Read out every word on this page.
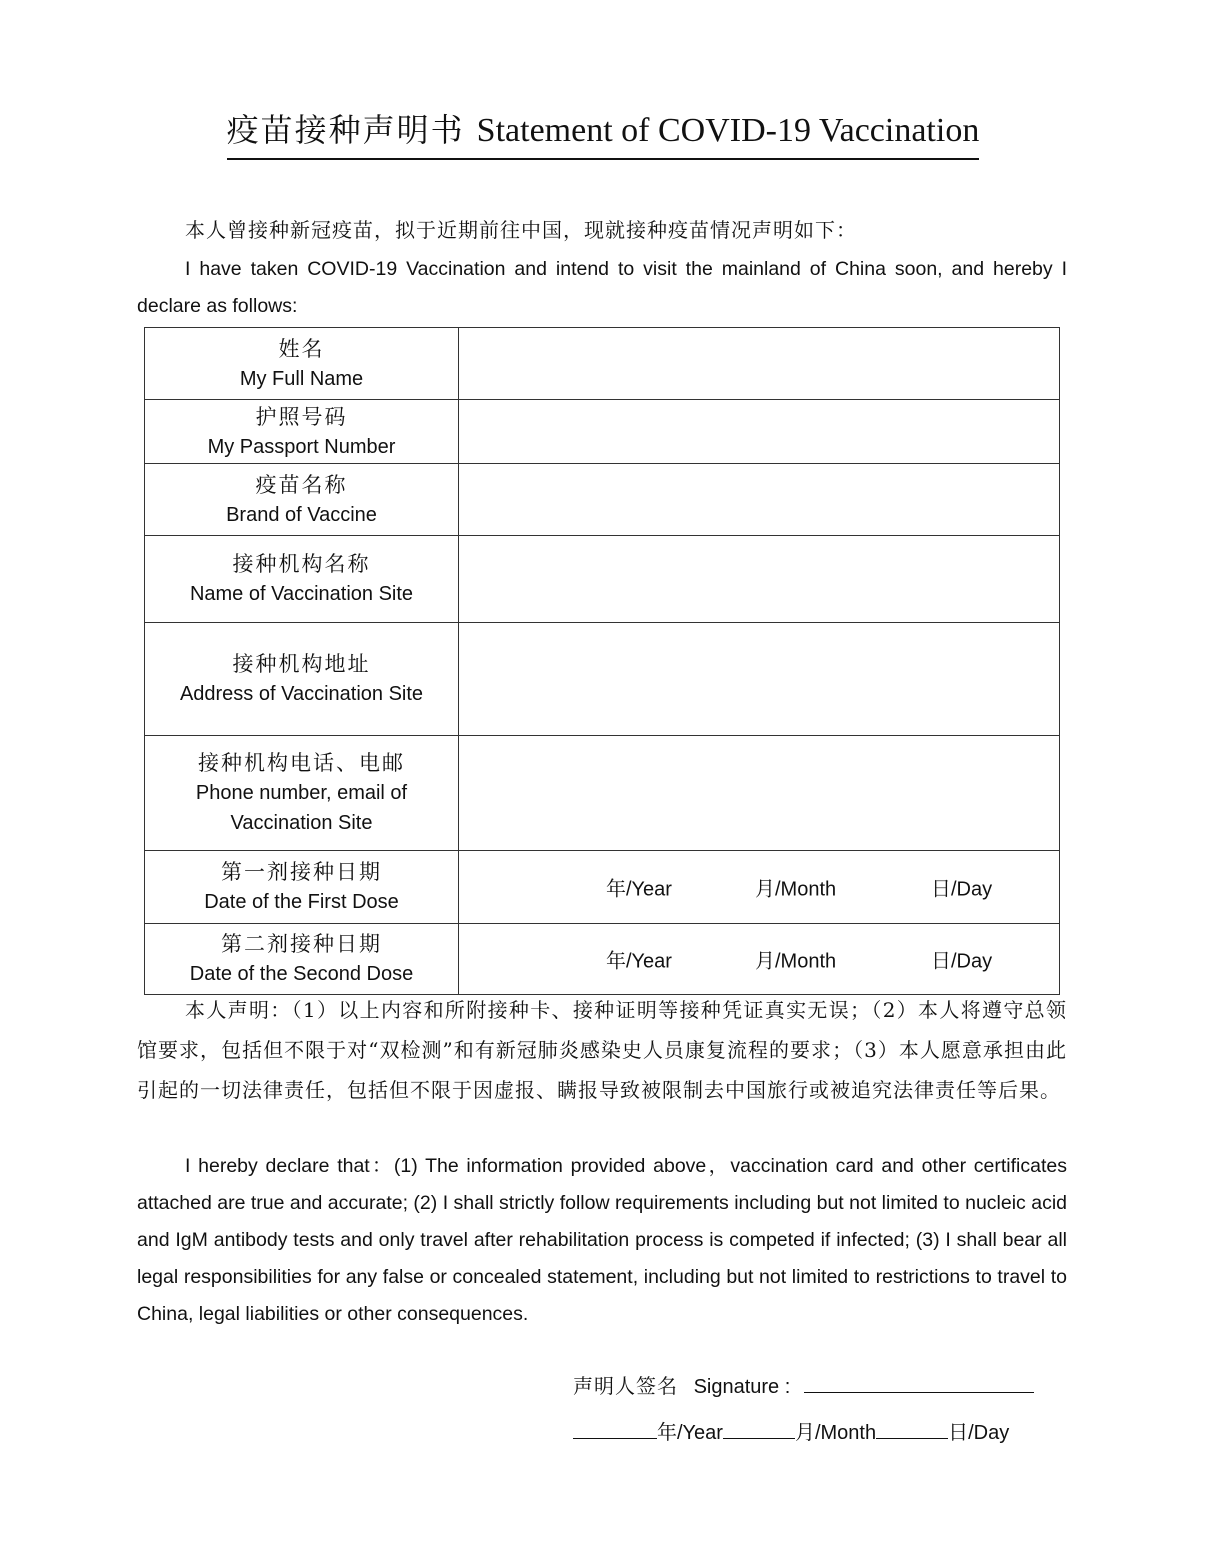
疫苗接种声明书 Statement of COVID-19 Vaccination
本人曾接种新冠疫苗，拟于近期前往中国，现就接种疫苗情况声明如下：
I have taken COVID-19 Vaccination and intend to visit the mainland of China soon, and hereby I declare as follows:
姓名
My Full Name	

护照号码
My Passport Number	

疫苗名称
Brand of Vaccine	

接种机构名称
Name of Vaccination Site	

接种机构地址
Address of Vaccination Site	

接种机构电话、电邮
Phone number, email of Vaccination Site	

第一剂接种日期
Date of the First Dose	年/Year 月/Month 日/Day

第二剂接种日期
Date of the Second Dose	年/Year 月/Month 日/Day
本人声明：（1）以上内容和所附接种卡、接种证明等接种凭证真实无误；（2）本人将遵守总领馆要求，包括但不限于对“双检测”和有新冠肺炎感染史人员康复流程的要求；（3）本人愿意承担由此引起的一切法律责任，包括但不限于因虚报、瞒报导致被限制去中国旅行或被追究法律责任等后果。
I hereby declare that：(1) The information provided above，vaccination card and other certificates attached are true and accurate; (2) I shall strictly follow requirements including but not limited to nucleic acid and IgM antibody tests and only travel after rehabilitation process is competed if infected; (3) I shall bear all legal responsibilities for any false or concealed statement, including but not limited to restrictions to travel to China, legal liabilities or other consequences.
声明人签名 Signature :
年/Year	月/Month	日/Day
